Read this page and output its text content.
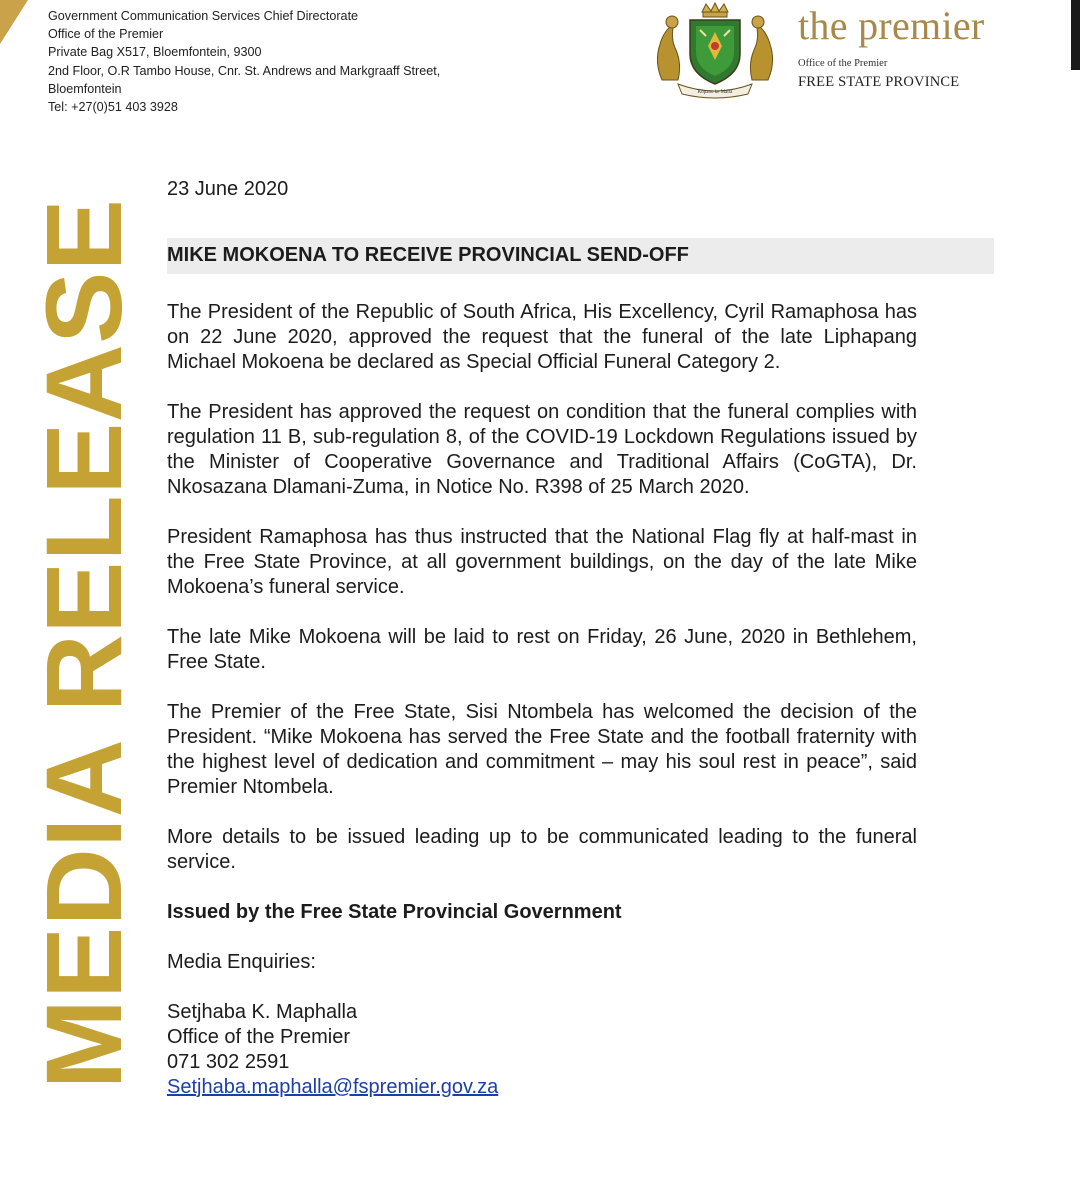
Government Communication Services Chief Directorate
Office of the Premier
Private Bag X517, Bloemfontein, 9300
2nd Floor, O.R Tambo House, Cnr. St. Andrews and Markgraaff Street,
Bloemfontein
Tel: +27(0)51 403 3928
Kopano ke Matla
the premier
Office of the Premier
FREE STATE PROVINCE
MEDIA RELEASE

23 June 2020

MIKE MOKOENA TO RECEIVE PROVINCIAL SEND-OFF

The President of the Republic of South Africa, His Excellency, Cyril Ramaphosa has on 22 June 2020, approved the request that the funeral of the late Liphapang Michael Mokoena be declared as Special Official Funeral Category 2.

The President has approved the request on condition that the funeral complies with regulation 11 B, sub-regulation 8, of the COVID-19 Lockdown Regulations issued by the Minister of Cooperative Governance and Traditional Affairs (CoGTA), Dr. Nkosazana Dlamani-Zuma, in Notice No. R398 of 25 March 2020.

President Ramaphosa has thus instructed that the National Flag fly at half-mast in the Free State Province, at all government buildings, on the day of the late Mike Mokoena’s funeral service.

The late Mike Mokoena will be laid to rest on Friday, 26 June, 2020 in Bethlehem, Free State.

The Premier of the Free State, Sisi Ntombela has welcomed the decision of the President. “Mike Mokoena has served the Free State and the football fraternity with the highest level of dedication and commitment – may his soul rest in peace”, said Premier Ntombela.

More details to be issued leading up to be communicated leading to the funeral service.

Issued by the Free State Provincial Government

Media Enquiries:

Setjhaba K. Maphalla
Office of the Premier
071 302 2591
Setjhaba.maphalla@fspremier.gov.za
